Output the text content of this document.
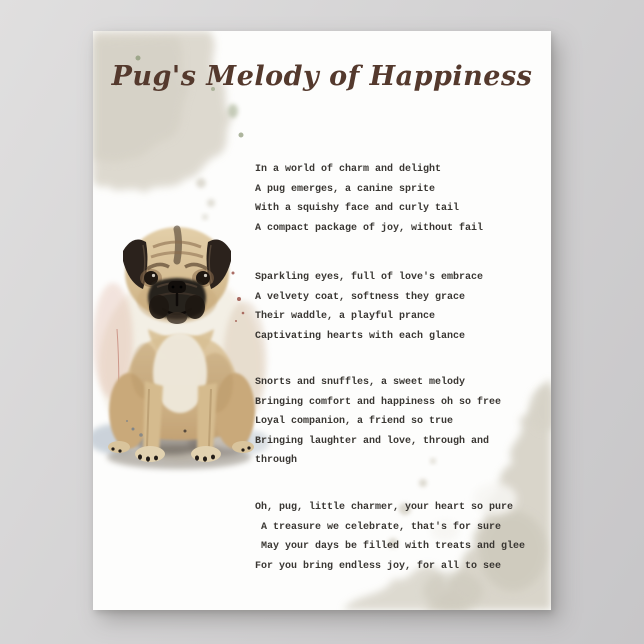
Pug's Melody of Happiness
In a world of charm and delight
A pug emerges, a canine sprite
With a squishy face and curly tail
A compact package of joy, without fail
Sparkling eyes, full of love's embrace
A velvety coat, softness they grace
Their waddle, a playful prance
Captivating hearts with each glance
Snorts and snuffles, a sweet melody
Bringing comfort and happiness oh so free
Loyal companion, a friend so true
Bringing laughter and love, through and
through
Oh, pug, little charmer, your heart so pure
A treasure we celebrate, that's for sure
May your days be filled with treats and glee
For you bring endless joy, for all to see
